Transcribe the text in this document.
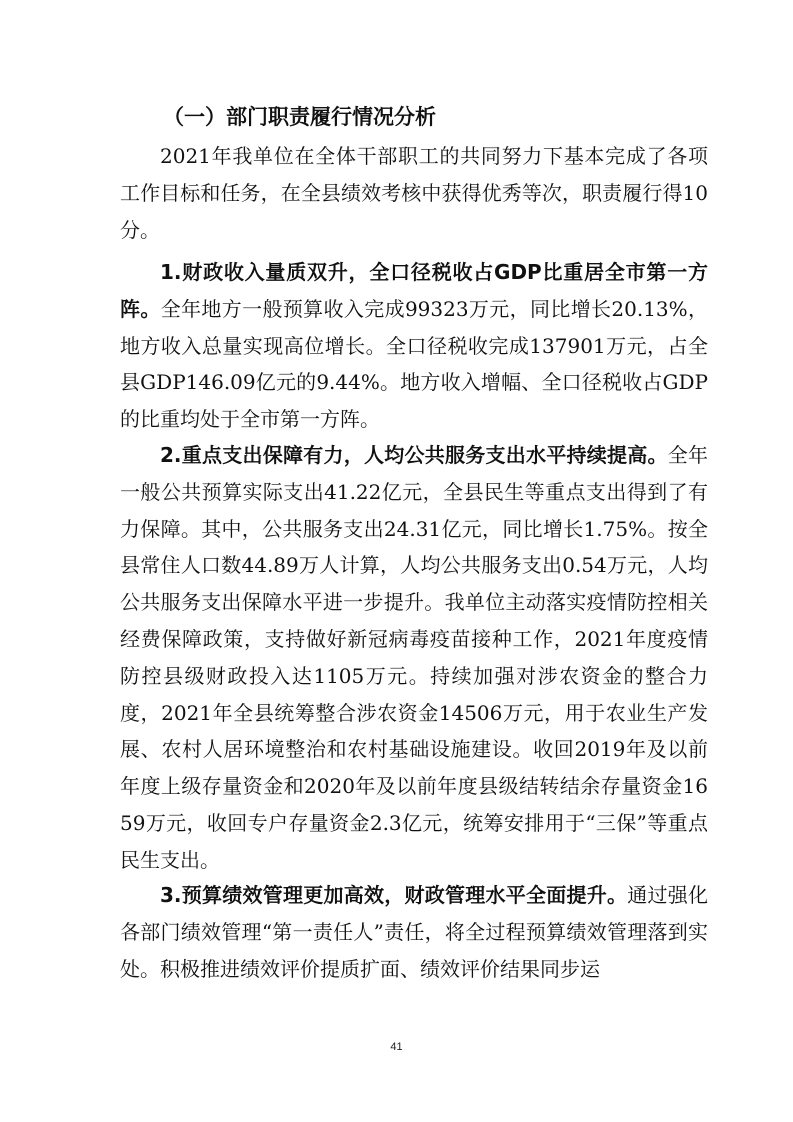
（一）部门职责履行情况分析

2021年我单位在全体干部职工的共同努力下基本完成了各项工作目标和任务，在全县绩效考核中获得优秀等次，职责履行得10分。

1.财政收入量质双升，全口径税收占GDP比重居全市第一方阵。全年地方一般预算收入完成99323万元，同比增长20.13%，地方收入总量实现高位增长。全口径税收完成137901万元，占全县GDP146.09亿元的9.44%。地方收入增幅、全口径税收占GDP的比重均处于全市第一方阵。

2.重点支出保障有力，人均公共服务支出水平持续提高。全年一般公共预算实际支出41.22亿元，全县民生等重点支出得到了有力保障。其中，公共服务支出24.31亿元，同比增长1.75%。按全县常住人口数44.89万人计算，人均公共服务支出0.54万元，人均公共服务支出保障水平进一步提升。我单位主动落实疫情防控相关经费保障政策，支持做好新冠病毒疫苗接种工作，2021年度疫情防控县级财政投入达1105万元。持续加强对涉农资金的整合力度，2021年全县统筹整合涉农资金14506万元，用于农业生产发展、农村人居环境整治和农村基础设施建设。收回2019年及以前年度上级存量资金和2020年及以前年度县级结转结余存量资金1659万元，收回专户存量资金2.3亿元，统筹安排用于“三保”等重点民生支出。

3.预算绩效管理更加高效，财政管理水平全面提升。通过强化各部门绩效管理“第一责任人”责任，将全过程预算绩效管理落到实处。积极推进绩效评价提质扩面、绩效评价结果同步运

41
